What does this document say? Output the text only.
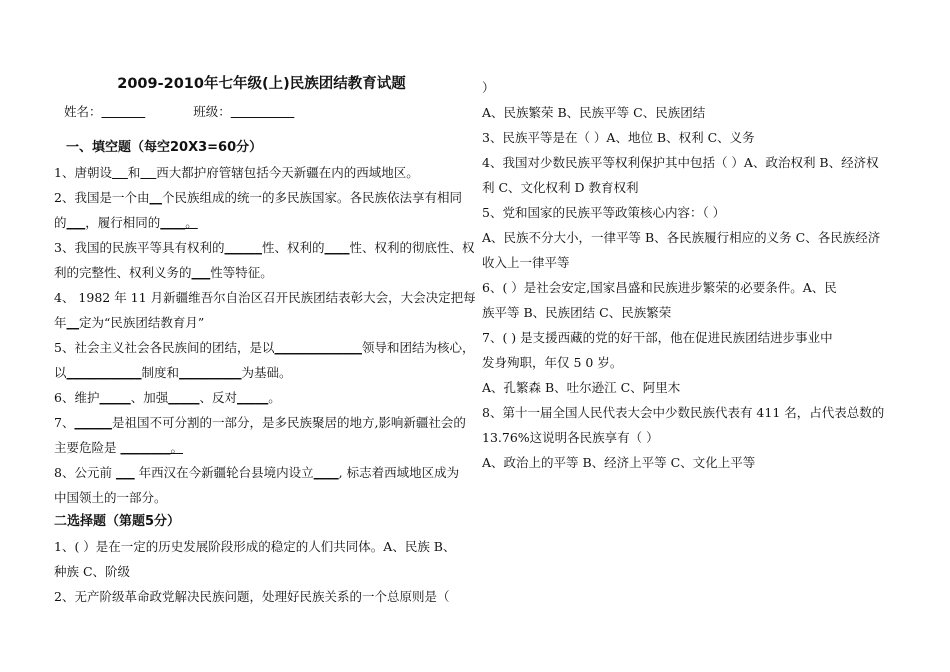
2009-2010年七年级(上)民族团结教育试题
姓名：	班级：
一、填空题（每空20X3=60分）
1、唐朝设 和 西大都护府管辖包括今天新疆在内的西域地区。
2、我国是一个由__个民族组成的统一的多民族国家。各民族依法享有相同
的___，履行相同的____。
3、我国的民族平等具有权利的______性、权利的____性、权利的彻底性、权
利的完整性、权利义务的___性等特征。
4、 1982 年 11 月新疆维吾尔自治区召开民族团结表彰大会，大会决定把每
年__定为“民族团结教育月”
5、社会主义社会各民族间的团结，是以______________领导和团结为核心，
以____________制度和__________为基础。
6、维护_____、加强_____、反对_____。
7、______是祖国不可分割的一部分，是多民族聚居的地方,影响新疆社会的
主要危险是 ________。
8、公元前 ___ 年西汉在今新疆轮台县境内设立____, 标志着西域地区成为
中国领土的一部分。
二选择题（第题5分）
1、( ）是在一定的历史发展阶段形成的稳定的人们共同体。A、民族 B、
种族 C、阶级
2、无产阶级革命政党解决民族问题，处理好民族关系的一个总原则是（
）
A、民族繁荣 B、民族平等 C、民族团结
3、民族平等是在（ ）A、地位 B、权利 C、义务
4、我国对少数民族平等权利保护其中包括（ ）A、政治权利 B、经济权
利 C、文化权利 D 教育权利
5、党和国家的民族平等政策核心内容：（ ）
A、民族不分大小，一律平等 B、各民族履行相应的义务 C、各民族经济
收入上一律平等
6、( ）是社会安定,国家昌盛和民族进步繁荣的必要条件。A、民
族平等 B、民族团结 C、民族繁荣
7、( ) 是支援西藏的党的好干部，他在促进民族团结进步事业中
发身殉职，年仅 5 0 岁。
A、孔繁森 B、吐尔逊江 C、阿里木
8、第十一届全国人民代表大会中少数民族代表有 411 名，占代表总数的
13.76%这说明各民族享有（ ）
A、政治上的平等 B、经济上平等 C、文化上平等
